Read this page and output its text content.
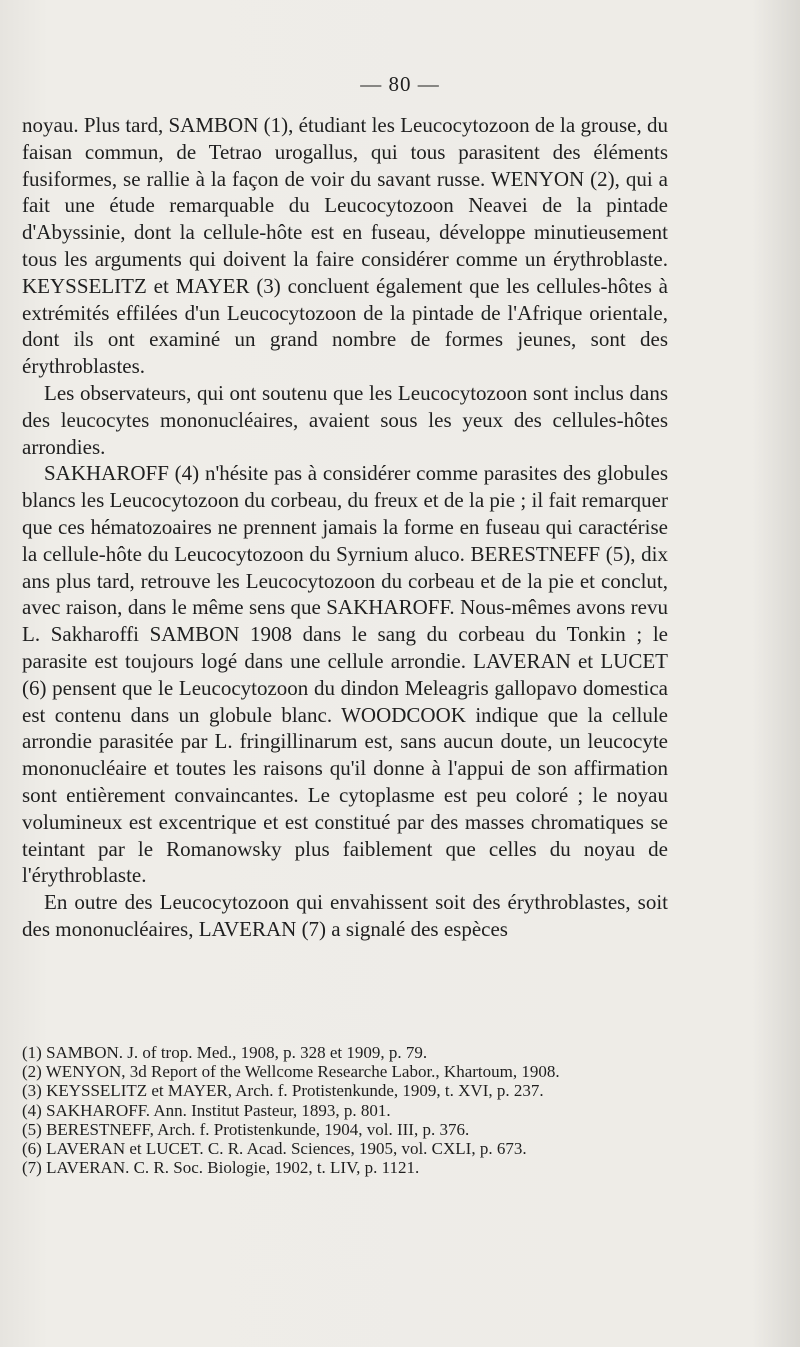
— 80 —

noyau. Plus tard, SAMBON (1), étudiant les Leucocytozoon de la grouse, du faisan commun, de Tetrao urogallus, qui tous parasitent des éléments fusiformes, se rallie à la façon de voir du savant russe. WENYON (2), qui a fait une étude remarquable du Leucocytozoon Neavei de la pintade d'Abyssinie, dont la cellule-hôte est en fuseau, développe minutieusement tous les arguments qui doivent la faire considérer comme un érythroblaste. KEYSSELITZ et MAYER (3) concluent également que les cellules-hôtes à extrémités effilées d'un Leucocytozoon de la pintade de l'Afrique orientale, dont ils ont examiné un grand nombre de formes jeunes, sont des érythroblastes.

Les observateurs, qui ont soutenu que les Leucocytozoon sont inclus dans des leucocytes mononucléaires, avaient sous les yeux des cellules-hôtes arrondies.

SAKHAROFF (4) n'hésite pas à considérer comme parasites des globules blancs les Leucocytozoon du corbeau, du freux et de la pie ; il fait remarquer que ces hématozoaires ne prennent jamais la forme en fuseau qui caractérise la cellule-hôte du Leucocytozoon du Syrnium aluco. BERESTNEFF (5), dix ans plus tard, retrouve les Leucocytozoon du corbeau et de la pie et conclut, avec raison, dans le même sens que SAKHAROFF. Nous-mêmes avons revu L. Sakharoffi SAMBON 1908 dans le sang du corbeau du Tonkin ; le parasite est toujours logé dans une cellule arrondie. LAVERAN et LUCET (6) pensent que le Leucocytozoon du dindon Meleagris gallopavo domestica est contenu dans un globule blanc. WOODCOOK indique que la cellule arrondie parasitée par L. fringillinarum est, sans aucun doute, un leucocyte mononucléaire et toutes les raisons qu'il donne à l'appui de son affirmation sont entièrement convaincantes. Le cytoplasme est peu coloré ; le noyau volumineux est excentrique et est constitué par des masses chromatiques se teintant par le Romanowsky plus faiblement que celles du noyau de l'érythroblaste.

En outre des Leucocytozoon qui envahissent soit des érythroblastes, soit des mononucléaires, LAVERAN (7) a signalé des espèces

(1) SAMBON. J. of trop. Med., 1908, p. 328 et 1909, p. 79.
(2) WENYON, 3d Report of the Wellcome Researche Labor., Khartoum, 1908.
(3) KEYSSELITZ et MAYER, Arch. f. Protistenkunde, 1909, t. XVI, p. 237.
(4) SAKHAROFF. Ann. Institut Pasteur, 1893, p. 801.
(5) BERESTNEFF, Arch. f. Protistenkunde, 1904, vol. III, p. 376.
(6) LAVERAN et LUCET. C. R. Acad. Sciences, 1905, vol. CXLI, p. 673.
(7) LAVERAN. C. R. Soc. Biologie, 1902, t. LIV, p. 1121.
